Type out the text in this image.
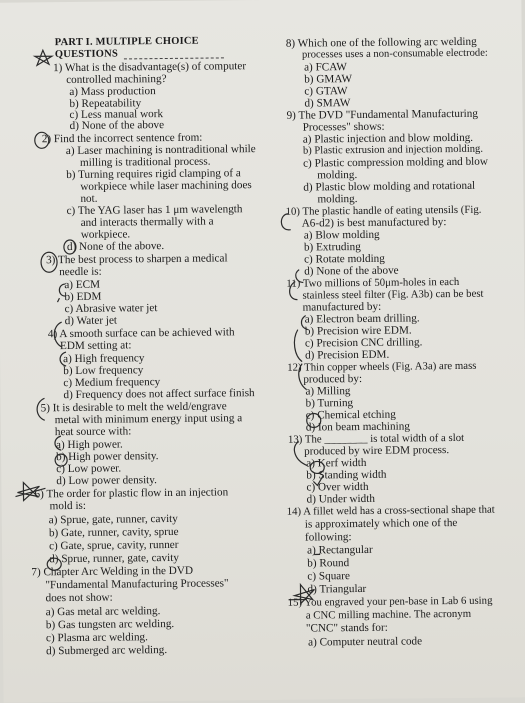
PART I. MULTIPLE CHOICE
QUESTIONS
1) What is the disadvantage(s) of computer
controlled machining?
a) Mass production
b) Repeatability
c) Less manual work
d) None of the above
2) Find the incorrect sentence from:
a) Laser machining is nontraditional while
milling is traditional process.
b) Turning requires rigid clamping of a
workpiece while laser machining does
not.
c) The YAG laser has 1 μm wavelength
and interacts thermally with a
workpiece.
d) None of the above.
3) The best process to sharpen a medical
needle is:
a) ECM
b) EDM
c) Abrasive water jet
d) Water jet
4) A smooth surface can be achieved with
EDM setting at:
a) High frequency
b) Low frequency
c) Medium frequency
d) Frequency does not affect surface finish
5) It is desirable to melt the weld/engrave
metal with minimum energy input using a
heat source with:
a) High power.
b) High power density.
c) Low power.
d) Low power density.
6) The order for plastic flow in an injection
mold is:
a) Sprue, gate, runner, cavity
b) Gate, runner, cavity, sprue
c) Gate, sprue, cavity, runner
d) Sprue, runner, gate, cavity
7) Chapter Arc Welding in the DVD
"Fundamental Manufacturing Processes"
does not show:
a) Gas metal arc welding.
b) Gas tungsten arc welding.
c) Plasma arc welding.
d) Submerged arc welding.
8) Which one of the following arc welding
processes uses a non-consumable electrode:
a) FCAW
b) GMAW
c) GTAW
d) SMAW
9) The DVD "Fundamental Manufacturing
Processes" shows:
a) Plastic injection and blow molding.
b) Plastic extrusion and injection molding.
c) Plastic compression molding and blow
molding.
d) Plastic blow molding and rotational
molding.
10) The plastic handle of eating utensils (Fig.
A6-d2) is best manufactured by:
a) Blow molding
b) Extruding
c) Rotate molding
d) None of the above
11) Two millions of 50μm-holes in each
stainless steel filter (Fig. A3b) can be best
manufactured by:
a) Electron beam drilling.
b) Precision wire EDM.
c) Precision CNC drilling.
d) Precision EDM.
12) Thin copper wheels (Fig. A3a) are mass
produced by:
a) Milling
b) Turning
c) Chemical etching
d) Ion beam machining
13) The ________ is total width of a slot
produced by wire EDM process.
a) Kerf width
b) Standing width
c) Over width
d) Under width
14) A fillet weld has a cross-sectional shape that
is approximately which one of the
following:
a) Rectangular
b) Round
c) Square
d) Triangular
15) You engraved your pen-base in Lab 6 using
a CNC milling machine. The acronym
"CNC" stands for:
a) Computer neutral code
